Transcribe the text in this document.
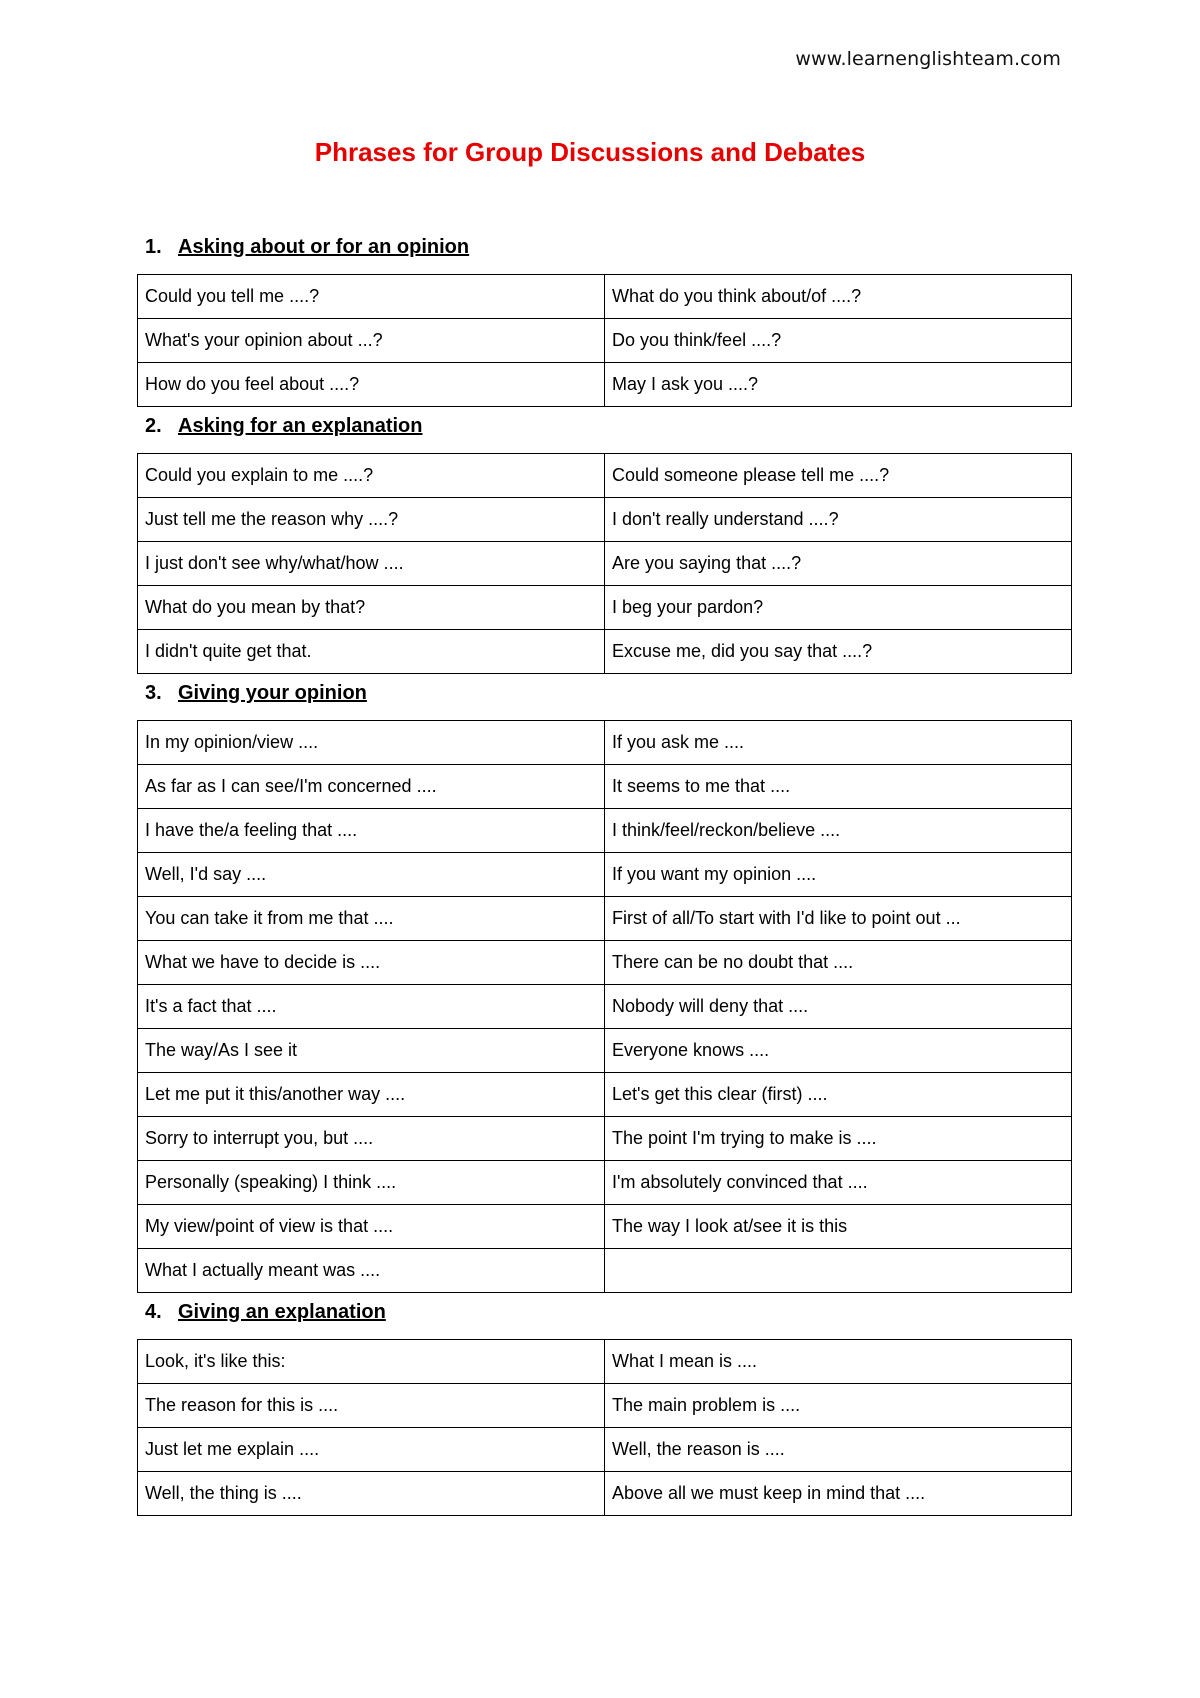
www.learnenglishteam.com
Phrases for Group Discussions and Debates
1. Asking about or for an opinion
Could you tell me ....?	What do you think about/of ....?
What's your opinion about ...?	Do you think/feel ....?
How do you feel about ....?	May I ask you ....?
2. Asking for an explanation
Could you explain to me ....?	Could someone please tell me ....?
Just tell me the reason why ....?	I don't really understand ....?
I just don't see why/what/how ....	Are you saying that ....?
What do you mean by that?	I beg your pardon?
I didn't quite get that.	Excuse me, did you say that ....?
3. Giving your opinion
In my opinion/view ....	If you ask me ....
As far as I can see/I'm concerned ....	It seems to me that ....
I have the/a feeling that ....	I think/feel/reckon/believe ....
Well, I'd say ....	If you want my opinion ....
You can take it from me that ....	First of all/To start with I'd like to point out ...
What we have to decide is ....	There can be no doubt that ....
It's a fact that ....	Nobody will deny that ....
The way/As I see it	Everyone knows ....
Let me put it this/another way ....	Let's get this clear (first) ....
Sorry to interrupt you, but ....	The point I'm trying to make is ....
Personally (speaking) I think ....	I'm absolutely convinced that ....
My view/point of view is that ....	The way I look at/see it is this
What I actually meant was ....	
4. Giving an explanation
Look, it's like this:	What I mean is ....
The reason for this is ....	The main problem is ....
Just let me explain ....	Well, the reason is ....
Well, the thing is ....	Above all we must keep in mind that ....
